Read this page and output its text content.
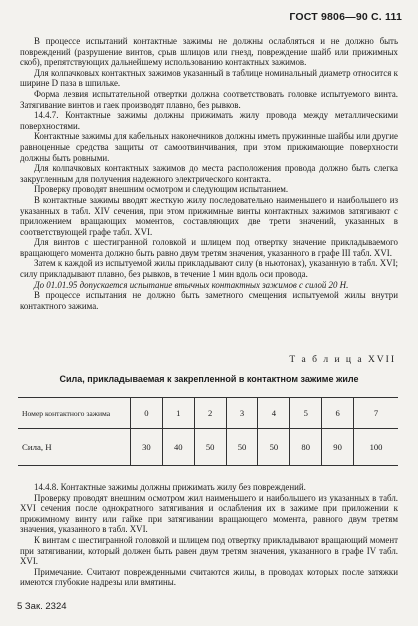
ГОСТ 9806—90 С. 111

В процессе испытаний контактные зажимы не должны ослабляться и не должно быть повреждений (разрушение винтов, срыв шлицов или гнезд, повреждение шайб или прижимных скоб), препятствующих дальнейшему использованию контактных зажимов.

Для колпачковых контактных зажимов указанный в таблице номинальный диаметр относится к ширине D паза в шпильке.

Форма лезвия испытательной отвертки должна соответствовать головке испытуемого винта. Затягивание винтов и гаек производят плавно, без рывков.

14.4.7. Контактные зажимы должны прижимать жилу провода между металлическими поверхностями.

Контактные зажимы для кабельных наконечников должны иметь пружинные шайбы или другие равноценные средства защиты от самоотвинчивания, при этом прижимающие поверхности должны быть ровными.

Для колпачковых контактных зажимов до места расположения провода должно быть слегка закругленным для получения надежного электрического контакта.

Проверку проводят внешним осмотром и следующим испытанием.

В контактные зажимы вводят жесткую жилу последовательно наименьшего и наибольшего из указанных в табл. XIV сечения, при этом прижимные винты контактных зажимов затягивают с приложением вращающих моментов, составляющих две трети значений, указанных в соответствующей графе табл. XVI.

Для винтов с шестигранной головкой и шлицем под отвертку значение прикладываемого вращающего момента должно быть равно двум третям значения, указанного в графе III табл. XVI.

Затем к каждой из испытуемой жилы прикладывают силу (в ньютонах), указанную в табл. XVI; силу прикладывают плавно, без рывков, в течение 1 мин вдоль оси провода.

До 01.01.95 допускается испытание втычных контактных зажимов с силой 20 Н.

В процессе испытания не должно быть заметного смещения испытуемой жилы внутри контактного зажима.

Т а б л и ц а XVII
Сила, прикладываемая к закрепленной в контактном зажиме жиле
Номер контактного зажима	0	1	2	3	4	5	6	7
Сила, Н	30	40	50	50	50	80	90	100

14.4.8. Контактные зажимы должны прижимать жилу без повреждений.

Проверку проводят внешним осмотром жил наименьшего и наибольшего из указанных в табл. XVI сечения после однократного затягивания и ослабления их в зажиме при приложении к прижимному винту или гайке при затягивании вращающего момента, равного двум третям значения, указанного в табл. XVI.

К винтам с шестигранной головкой и шлицем под отвертку прикладывают вращающий момент при затягивании, который должен быть равен двум третям значения, указанного в графе IV табл. XVI.

Примечание. Считают поврежденными считаются жилы, в проводах которых после затяжки имеются глубокие надрезы или вмятины.

5 Зак. 2324
